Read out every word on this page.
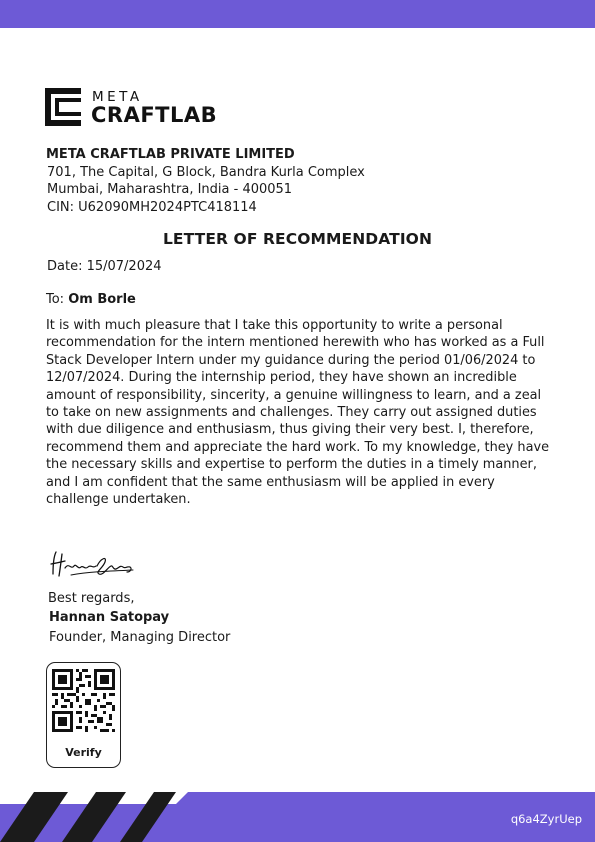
META
CRAFTLAB
META CRAFTLAB PRIVATE LIMITED
701, The Capital, G Block, Bandra Kurla Complex
Mumbai, Maharashtra, India - 400051
CIN: U62090MH2024PTC418114
LETTER OF RECOMMENDATION
Date: 15/07/2024
To: Om Borle
It is with much pleasure that I take this opportunity to write a personal recommendation for the intern mentioned herewith who has worked as a Full Stack Developer Intern under my guidance during the period 01/06/2024 to 12/07/2024. During the internship period, they have shown an incredible amount of responsibility, sincerity, a genuine willingness to learn, and a zeal to take on new assignments and challenges. They carry out assigned duties with due diligence and enthusiasm, thus giving their very best. I, therefore, recommend them and appreciate the hard work. To my knowledge, they have the necessary skills and expertise to perform the duties in a timely manner, and I am confident that the same enthusiasm will be applied in every challenge undertaken.
Best regards,
Hannan Satopay
Founder, Managing Director
Verify
q6a4ZyrUep
